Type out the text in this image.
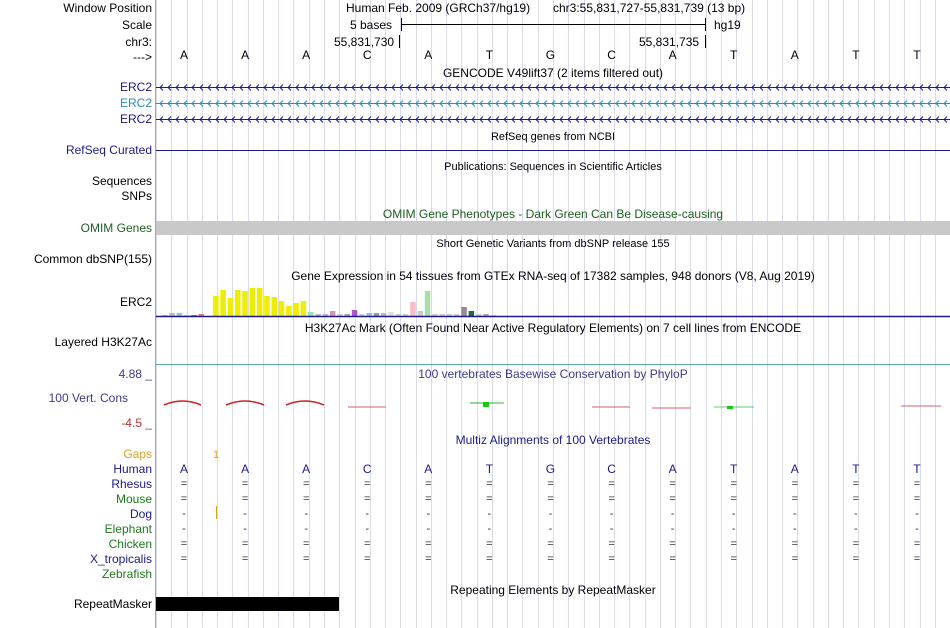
Window Position
Scale
chr3:
--->
Human Feb. 2009 (GRCh37/hg19) chr3:55,831,727-55,831,739 (13 bp)
5 bases	hg19
55,831,730	55,831,735
A	A	A	C	A	T	G	C	A	T	A	T	T
GENCODE V49lift37 (2 items filtered out)
ERC2
ERC2
ERC2
RefSeq genes from NCBI
RefSeq Curated
Publications: Sequences in Scientific Articles
Sequences
SNPs
OMIM Gene Phenotypes - Dark Green Can Be Disease-causing
OMIM Genes
Short Genetic Variants from dbSNP release 155
Common dbSNP(155)
Gene Expression in 54 tissues from GTEx RNA-seq of 17382 samples, 948 donors (V8, Aug 2019)
ERC2
H3K27Ac Mark (Often Found Near Active Regulatory Elements) on 7 cell lines from ENCODE
Layered H3K27Ac
100 vertebrates Basewise Conservation by PhyloP
4.88 _
100 Vert. Cons
-4.5 _
Multiz Alignments of 100 Vertebrates
Gaps	1
Human	A	A	A	C	A	T	G	C	A	T	A	T	T
Rhesus	=	=	=	=	=	=	=	=	=	=	=	=	=
Mouse	=	=	=	=	=	=	=	=	=	=	=	=	=
Dog	-	-	-	-	-	-	-	-	-	-	-	-	-
Elephant	-	-	-	-	-	-	-	-	-	-	-	-	-
Chicken	=	=	=	=	=	=	=	=	=	=	=	=	=
X_tropicalis	=	=	=	=	=	=	=	=	=	=	=	=	=
Zebrafish
Repeating Elements by RepeatMasker
RepeatMasker
